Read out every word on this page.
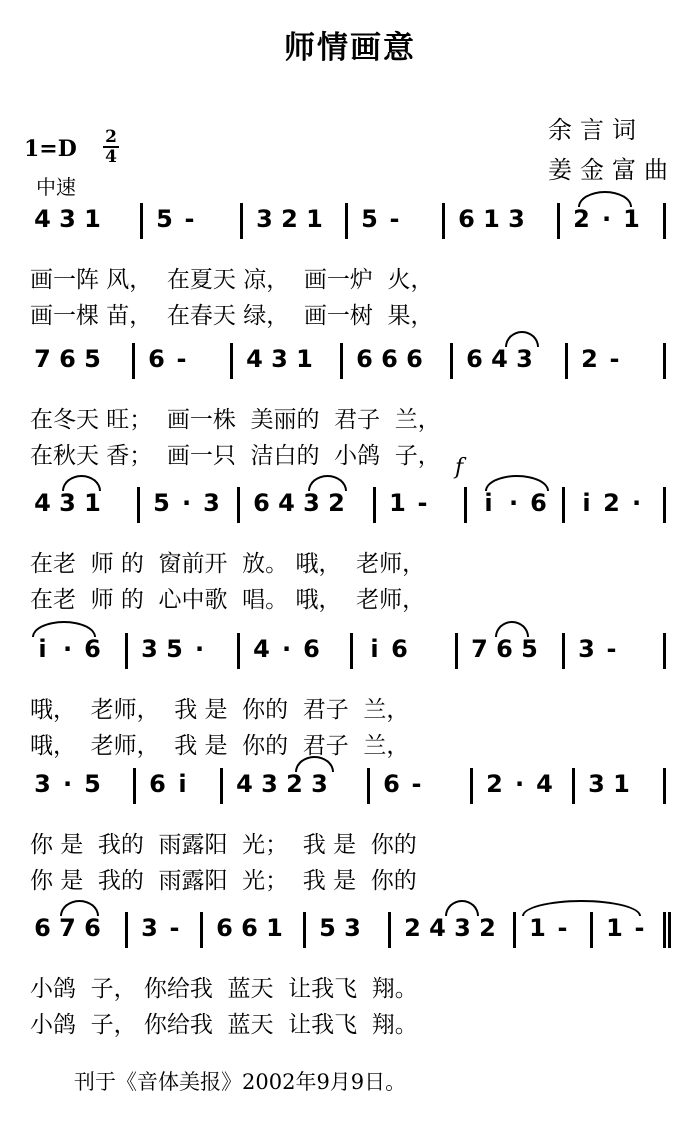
师情画意
余言词
姜金富曲
1=D 2
4
中速
4 3 1 5 -	3 2 1 5 -	6 1 3 2 · 1
画一阵 风，  在夏天 凉，  画一炉  火，
画一棵 苗，  在春天 绿，  画一树  果，
7 6 5 6 -	4 3 1 6 6 6 6 4 3 2 -
在冬天 旺；  画一株  美丽的  君子  兰，
在秋天 香；  画一只  洁白的  小鸽  子，
4 3 1 5 · 3 6 4 3 2 1 -	i · 6	i 2 ·
在老  师 的  窗前开  放。 哦，  老师，
在老  师 的  心中歌  唱。 哦，  老师，
f
i · 6 3 5 ·	4 · 6	i 6	7 6 5 3 -
哦，  老师，  我 是  你的  君子  兰，
哦，  老师，  我 是  你的  君子  兰，
3 · 5 6 i	4 3 2 3 6 -	2 · 4 3 1
你 是  我的  雨露阳  光；  我 是  你的
你 是  我的  雨露阳  光；  我 是  你的
6 7 6 3 -	6 6 1 5 3 2 4 3 2 1 -	1 -
小鸽  子， 你给我  蓝天  让我飞  翔。
小鸽  子， 你给我  蓝天  让我飞  翔。
刊于《音体美报》2002年9月9日。
